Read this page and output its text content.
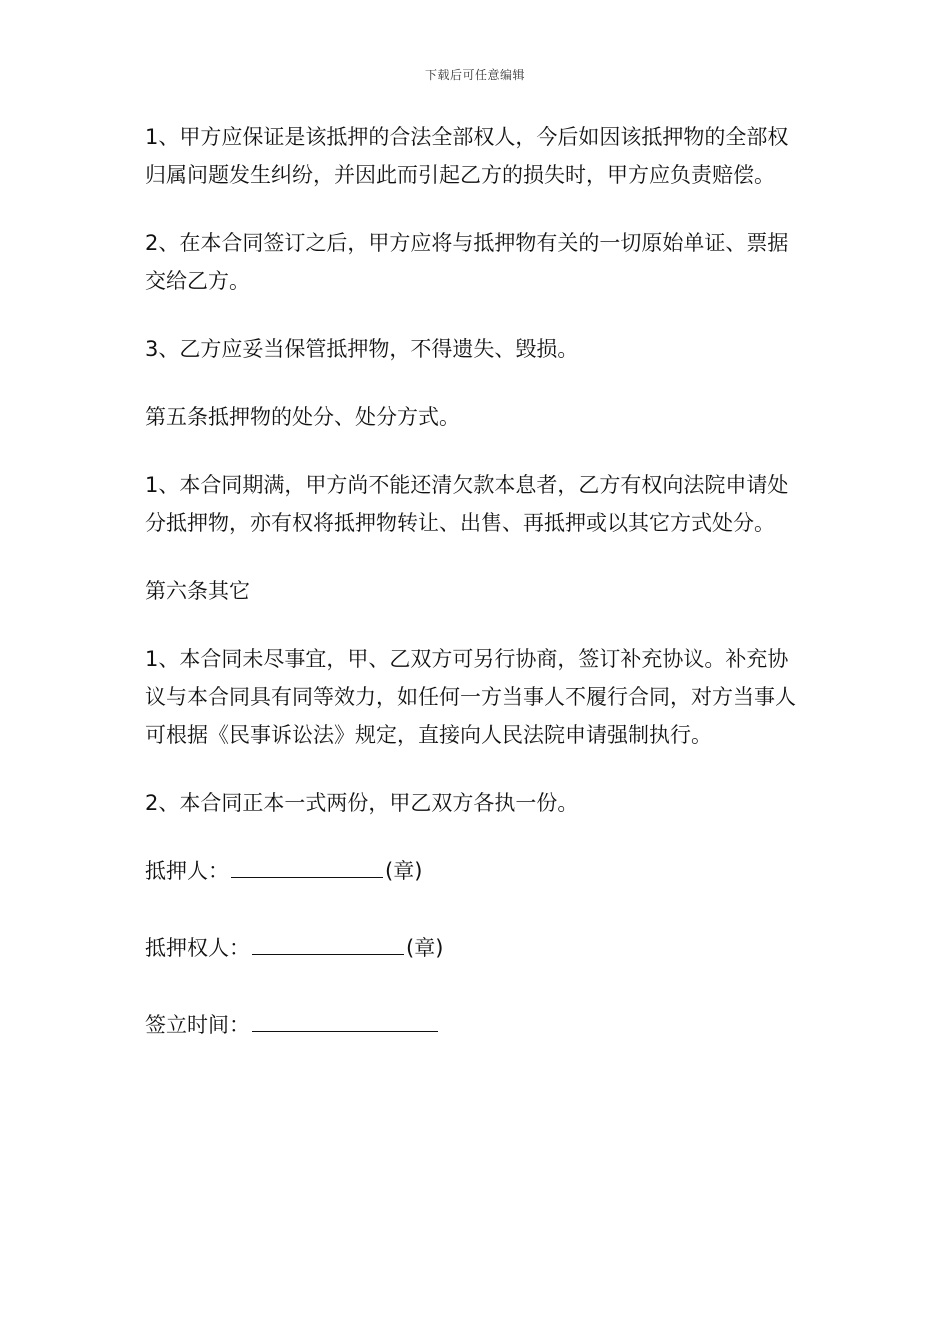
下载后可任意编辑

1、甲方应保证是该抵押的合法全部权人，今后如因该抵押物的全部权归属问题发生纠纷，并因此而引起乙方的损失时，甲方应负责赔偿。

2、在本合同签订之后，甲方应将与抵押物有关的一切原始单证、票据交给乙方。

3、乙方应妥当保管抵押物，不得遗失、毁损。

第五条抵押物的处分、处分方式。

1、本合同期满，甲方尚不能还清欠款本息者，乙方有权向法院申请处分抵押物，亦有权将抵押物转让、出售、再抵押或以其它方式处分。

第六条其它

1、本合同未尽事宜，甲、乙双方可另行协商，签订补充协议。补充协议与本合同具有同等效力，如任何一方当事人不履行合同，对方当事人可根据《民事诉讼法》规定，直接向人民法院申请强制执行。

2、本合同正本一式两份，甲乙双方各执一份。

抵押人：	(章)
抵押权人：	(章)
签立时间：
